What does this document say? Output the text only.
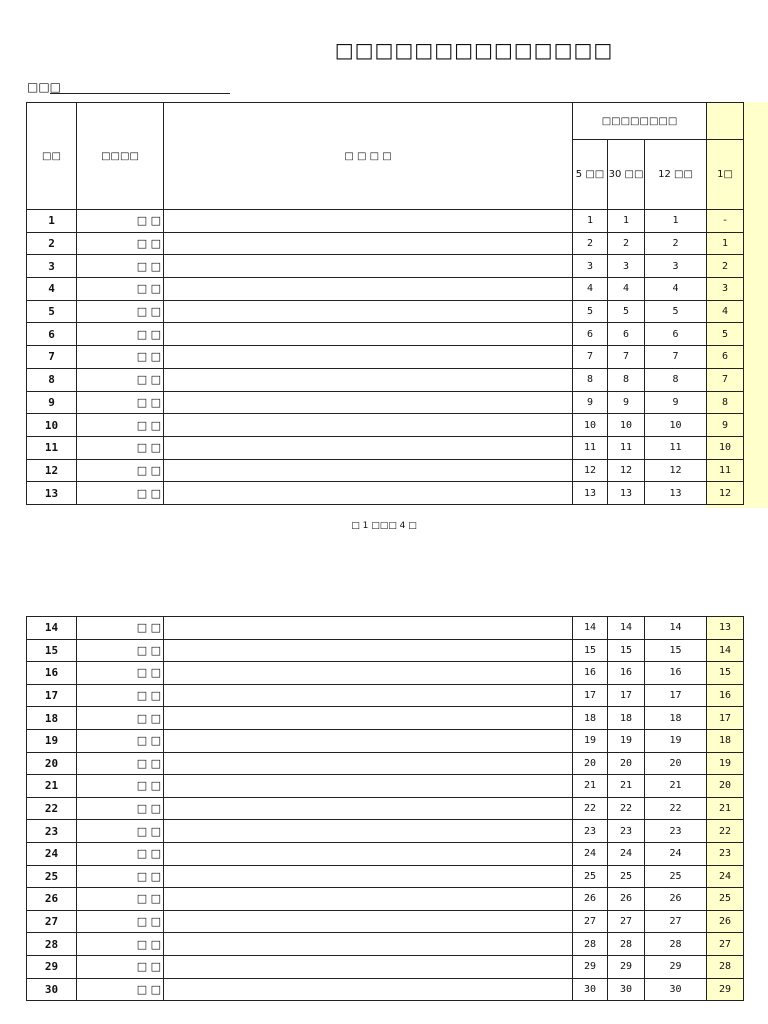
□□□□□□□□□□□□□□
□□□
□□	□□□□	□ □ □ □	□□□□□□□□			
			5 □□	30 □□	12 □□	1□
1	□ □		1	1	1	-
2	□ □		2	2	2	1
3	□ □		3	3	3	2
4	□ □		4	4	4	3
5	□ □		5	5	5	4
6	□ □		6	6	6	5
7	□ □		7	7	7	6
8	□ □		8	8	8	7
9	□ □		9	9	9	8
10	□ □		10	10	10	9
11	□ □		11	11	11	10
12	□ □		12	12	12	11
13	□ □		13	13	13	12
□ 1 □□□ 4 □
14	□ □		14	14	14	13
15	□ □		15	15	15	14
16	□ □		16	16	16	15
17	□ □		17	17	17	16
18	□ □		18	18	18	17
19	□ □		19	19	19	18
20	□ □		20	20	20	19
21	□ □		21	21	21	20
22	□ □		22	22	22	21
23	□ □		23	23	23	22
24	□ □		24	24	24	23
25	□ □		25	25	25	24
26	□ □		26	26	26	25
27	□ □		27	27	27	26
28	□ □		28	28	28	27
29	□ □		29	29	29	28
30	□ □		30	30	30	29
